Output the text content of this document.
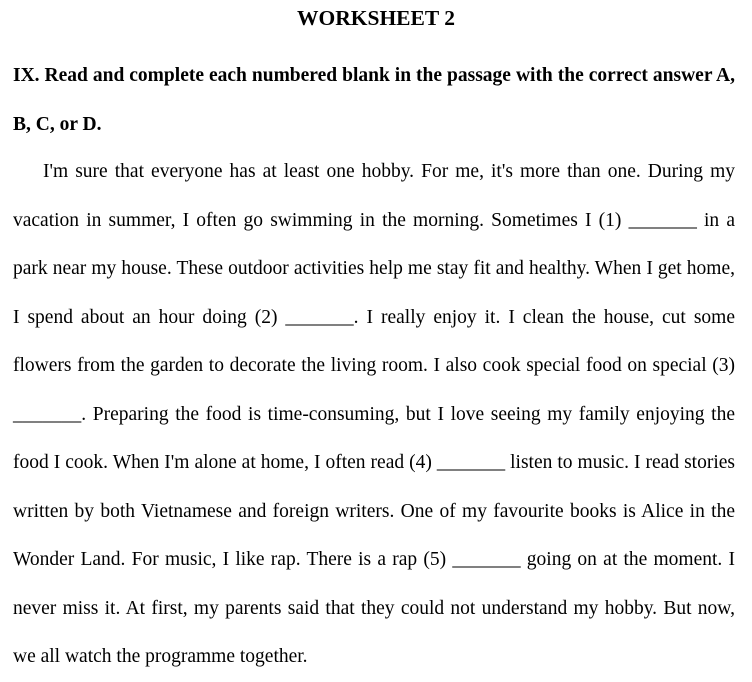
WORKSHEET 2

IX. Read and complete each numbered blank in the passage with the correct answer A, B, C, or D.

I'm sure that everyone has at least one hobby. For me, it's more than one. During my vacation in summer, I often go swimming in the morning. Sometimes I (1) _______ in a park near my house. These outdoor activities help me stay fit and healthy. When I get home, I spend about an hour doing (2) _______. I really enjoy it. I clean the house, cut some flowers from the garden to decorate the living room. I also cook special food on special (3) _______. Preparing the food is time-consuming, but I love seeing my family enjoying the food I cook. When I'm alone at home, I often read (4) _______ listen to music. I read stories written by both Vietnamese and foreign writers. One of my favourite books is Alice in the Wonder Land. For music, I like rap. There is a rap (5) _______ going on at the moment. I never miss it. At first, my parents said that they could not understand my hobby. But now, we all watch the programme together.
